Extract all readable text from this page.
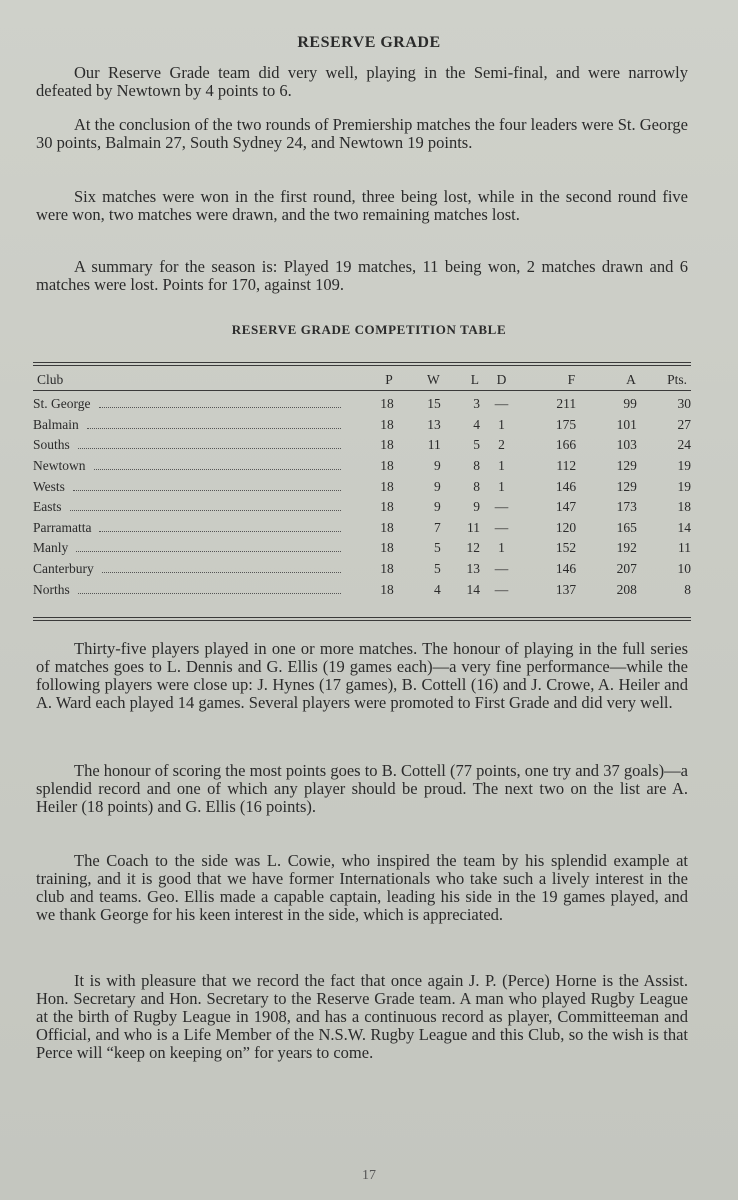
RESERVE GRADE

Our Reserve Grade team did very well, playing in the Semi-final, and were narrowly defeated by Newtown by 4 points to 6.

At the conclusion of the two rounds of Premiership matches the four leaders were St. George 30 points, Balmain 27, South Sydney 24, and Newtown 19 points.

Six matches were won in the first round, three being lost, while in the second round five were won, two matches were drawn, and the two remaining matches lost.

A summary for the season is: Played 19 matches, 11 being won, 2 matches drawn and 6 matches were lost. Points for 170, against 109.

RESERVE GRADE COMPETITION TABLE
Club	P	W	L	D	F	A	Pts.

St. George	18	15	3	—	211	99	30

Balmain	18	13	4	1	175	101	27

Souths	18	11	5	2	166	103	24

Newtown	18	9	8	1	112	129	19

Wests	18	9	8	1	146	129	19

Easts	18	9	9	—	147	173	18

Parramatta	18	7	11	—	120	165	14

Manly	18	5	12	1	152	192	11

Canterbury	18	5	13	—	146	207	10

Norths	18	4	14	—	137	208	8

Thirty-five players played in one or more matches. The honour of playing in the full series of matches goes to L. Dennis and G. Ellis (19 games each)—a very fine performance—while the following players were close up: J. Hynes (17 games), B. Cottell (16) and J. Crowe, A. Heiler and A. Ward each played 14 games. Several players were promoted to First Grade and did very well.

The honour of scoring the most points goes to B. Cottell (77 points, one try and 37 goals)—a splendid record and one of which any player should be proud. The next two on the list are A. Heiler (18 points) and G. Ellis (16 points).

The Coach to the side was L. Cowie, who inspired the team by his splendid example at training, and it is good that we have former Internationals who take such a lively interest in the club and teams. Geo. Ellis made a capable captain, leading his side in the 19 games played, and we thank George for his keen interest in the side, which is appreciated.

It is with pleasure that we record the fact that once again J. P. (Perce) Horne is the Assist. Hon. Secretary and Hon. Secretary to the Reserve Grade team. A man who played Rugby League at the birth of Rugby League in 1908, and has a continuous record as player, Committeeman and Official, and who is a Life Member of the N.S.W. Rugby League and this Club, so the wish is that Perce will “keep on keeping on” for years to come.

17
